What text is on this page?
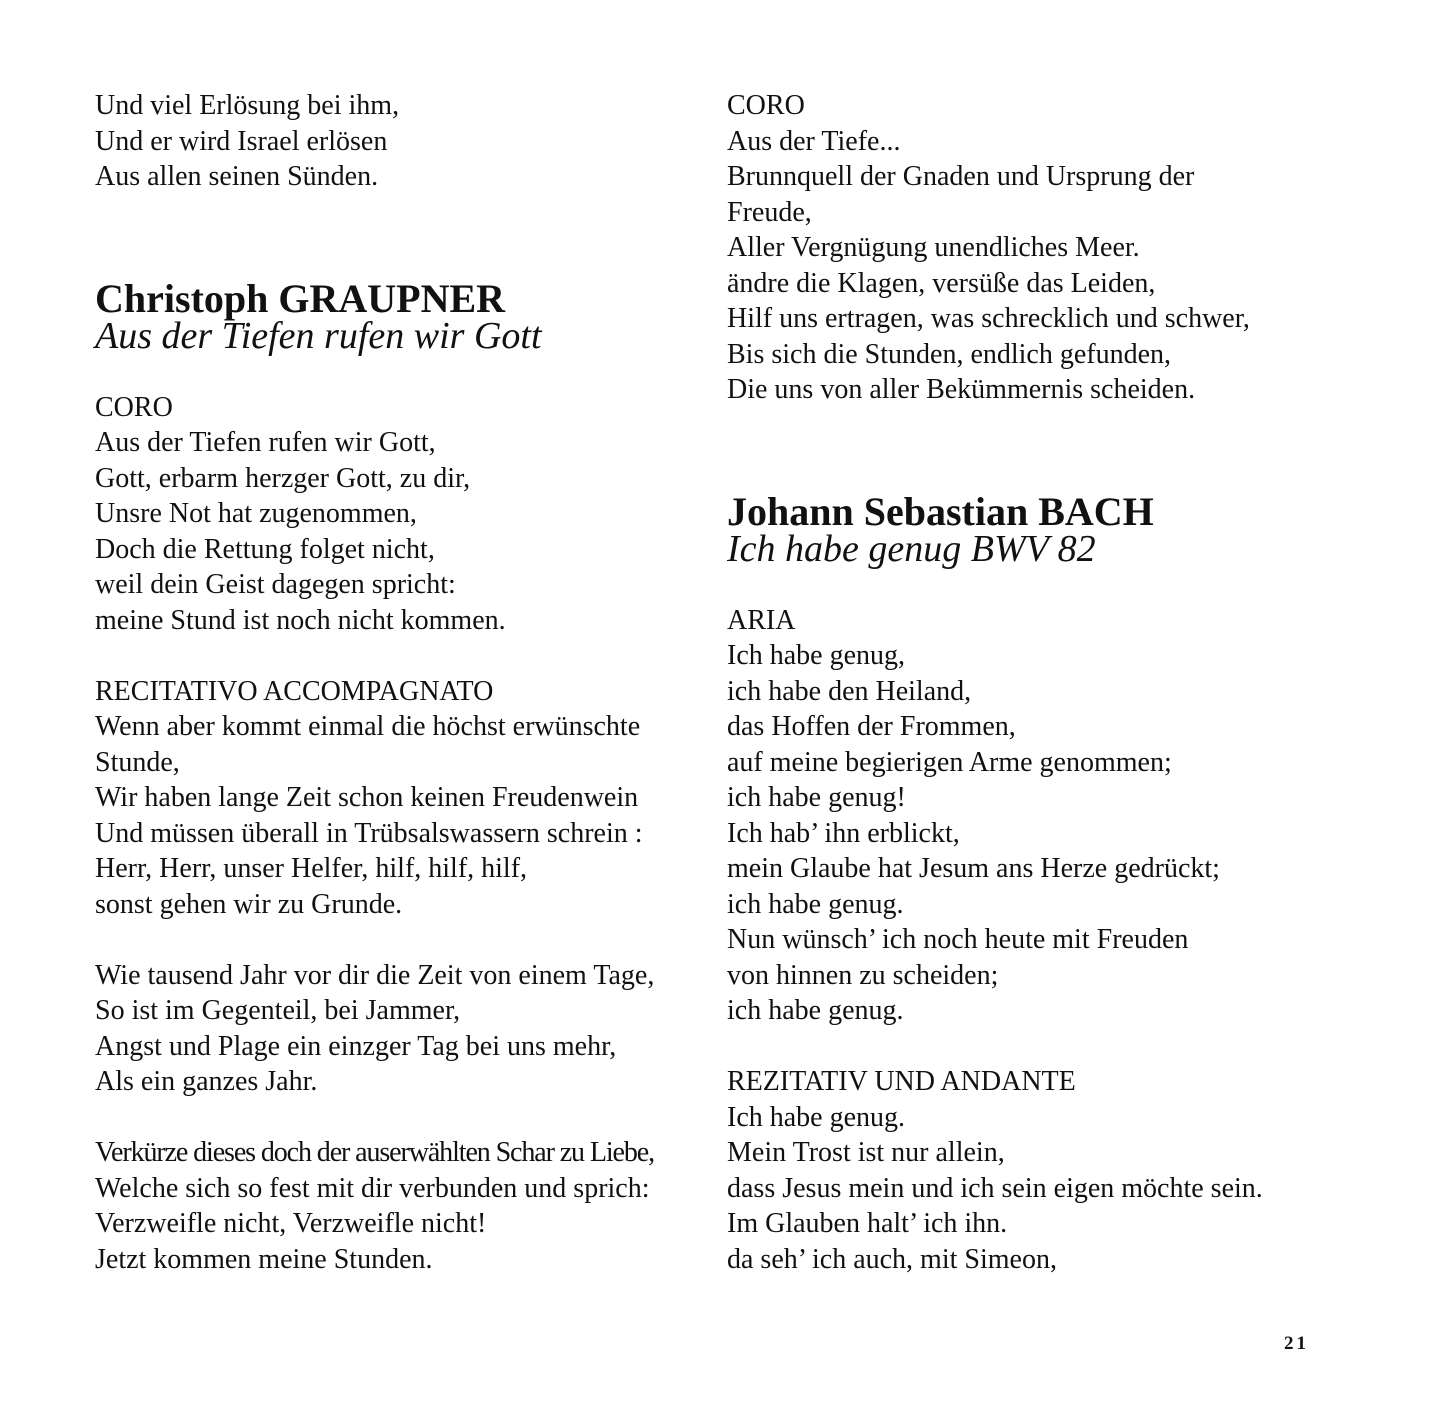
Und viel Erlösung bei ihm,
Und er wird Israel erlösen
Aus allen seinen Sünden.
Christoph GRAUPNER
Aus der Tiefen rufen wir Gott
CORO
Aus der Tiefen rufen wir Gott,
Gott, erbarm herzger Gott, zu dir,
Unsre Not hat zugenommen,
Doch die Rettung folget nicht,
weil dein Geist dagegen spricht:
meine Stund ist noch nicht kommen.
RECITATIVO ACCOMPAGNATO
Wenn aber kommt einmal die höchst erwünschte
Stunde,
Wir haben lange Zeit schon keinen Freudenwein
Und müssen überall in Trübsalswassern schrein :
Herr, Herr, unser Helfer, hilf, hilf, hilf,
sonst gehen wir zu Grunde.
Wie tausend Jahr vor dir die Zeit von einem Tage,
So ist im Gegenteil, bei Jammer,
Angst und Plage ein einzger Tag bei uns mehr,
Als ein ganzes Jahr.
Verkürze dieses doch der auserwählten Schar zu Liebe,
Welche sich so fest mit dir verbunden und sprich:
Verzweifle nicht, Verzweifle nicht!
Jetzt kommen meine Stunden.
CORO
Aus der Tiefe...
Brunnquell der Gnaden und Ursprung der
Freude,
Aller Vergnügung unendliches Meer.
ändre die Klagen, versüße das Leiden,
Hilf uns ertragen, was schrecklich und schwer,
Bis sich die Stunden, endlich gefunden,
Die uns von aller Bekümmernis scheiden.
Johann Sebastian BACH
Ich habe genug BWV 82
ARIA
Ich habe genug,
ich habe den Heiland,
das Hoffen der Frommen,
auf meine begierigen Arme genommen;
ich habe genug!
Ich hab’ ihn erblickt,
mein Glaube hat Jesum ans Herze gedrückt;
ich habe genug.
Nun wünsch’ ich noch heute mit Freuden
von hinnen zu scheiden;
ich habe genug.
REZITATIV UND ANDANTE
Ich habe genug.
Mein Trost ist nur allein,
dass Jesus mein und ich sein eigen möchte sein.
Im Glauben halt’ ich ihn.
da seh’ ich auch, mit Simeon,
21
